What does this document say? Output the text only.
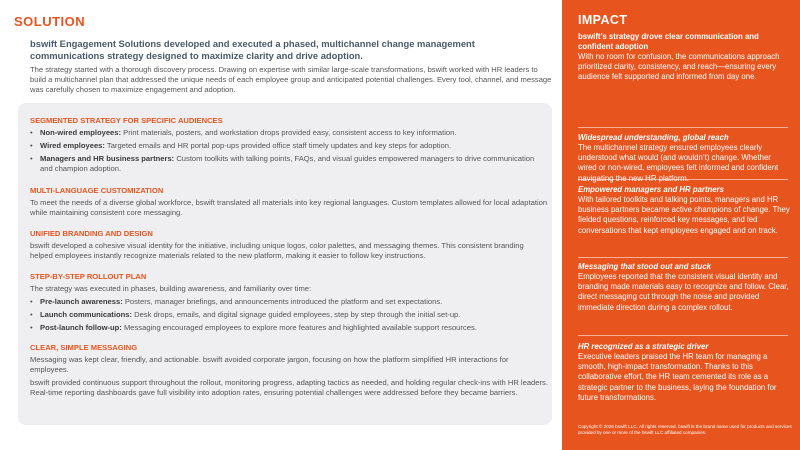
SOLUTION
bswift Engagement Solutions developed and executed a phased, multichannel change management communications strategy designed to maximize clarity and drive adoption.
The strategy started with a thorough discovery process. Drawing on expertise with similar large-scale transformations, bswift worked with HR leaders to build a multichannel plan that addressed the unique needs of each employee group and anticipated potential challenges. Every tool, channel, and message was carefully chosen to maximize engagement and adoption.
SEGMENTED STRATEGY FOR SPECIFIC AUDIENCES
• Non-wired employees: Print materials, posters, and workstation drops provided easy, consistent access to key information.
• Wired employees: Targeted emails and HR portal pop-ups provided office staff timely updates and key steps for adoption.
• Managers and HR business partners: Custom toolkits with talking points, FAQs, and visual guides empowered managers to drive communication and champion adoption.
MULTI-LANGUAGE CUSTOMIZATION
To meet the needs of a diverse global workforce, bswift translated all materials into key regional languages. Custom templates allowed for local adaptation while maintaining consistent core messaging.
UNIFIED BRANDING AND DESIGN
bswift developed a cohesive visual identity for the initiative, including unique logos, color palettes, and messaging themes. This consistent branding helped employees instantly recognize materials related to the new platform, making it easier to follow key instructions.
STEP-BY-STEP ROLLOUT PLAN

The strategy was executed in phases, building awareness, and familiarity over time:

• Pre-launch awareness: Posters, manager briefings, and announcements introduced the platform and set expectations.
• Launch communications: Desk drops, emails, and digital signage guided employees, step by step through the initial set-up.
• Post-launch follow-up: Messaging encouraged employees to explore more features and highlighted available support resources.
CLEAR, SIMPLE MESSAGING

Messaging was kept clear, friendly, and actionable. bswift avoided corporate jargon, focusing on how the platform simplified HR interactions for employees.

bswift provided continuous support throughout the rollout, monitoring progress, adapting tactics as needed, and holding regular check-ins with HR leaders. Real-time reporting dashboards gave full visibility into adoption rates, ensuring potential challenges were addressed before they became barriers.

IMPACT
bswift’s strategy drove clear communication and confident adoption
With no room for confusion, the communications approach prioritized clarity, consistency, and reach—ensuring every audience felt supported and informed from day one.
Widespread understanding, global reach
The multichannel strategy ensured employees clearly understood what would (and wouldn’t) change. Whether wired or non-wired, employees felt informed and confident navigating the new HR platform.
Empowered managers and HR partners
With tailored toolkits and talking points, managers and HR business partners became active champions of change. They fielded questions, reinforced key messages, and led conversations that kept employees engaged and on track.
Messaging that stood out and stuck
Employees reported that the consistent visual identity and branding made materials easy to recognize and follow. Clear, direct messaging cut through the noise and provided immediate direction during a complex rollout.
HR recognized as a strategic driver
Executive leaders praised the HR team for managing a smooth, high-impact transformation. Thanks to this collaborative effort, the HR team cemented its role as a strategic partner to the business, laying the foundation for future transformations.
Copyright © 2026 bswift LLC. All rights reserved. bswift is the brand name used for products and services provided by one or more of the bswift LLC affiliated companies.
